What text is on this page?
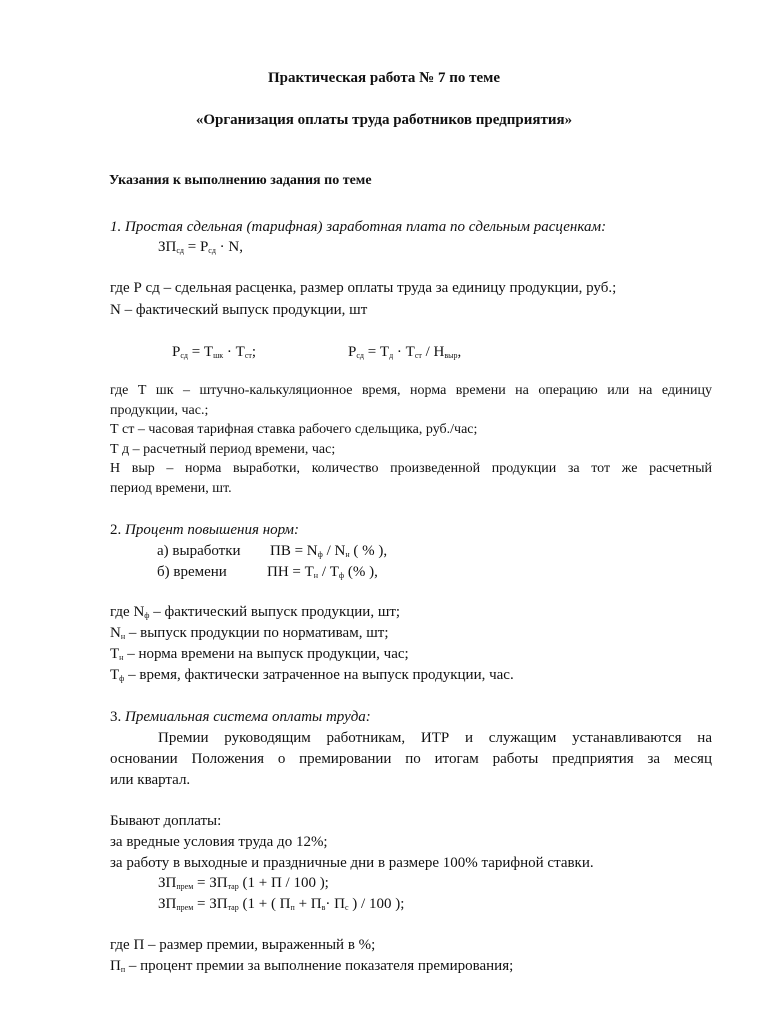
Практическая работа № 7 по теме
«Организация оплаты труда работников предприятия»
Указания к выполнению задания по теме
1. Простая сдельная (тарифная) заработная плата по сдельным расценкам:
$ЗП_{сд} = Р_{сд} \cdot N$,
где Р сд – сдельная расценка, размер оплаты труда за единицу продукции, руб.;
N – фактический выпуск продукции, шт
$Р_{сд} = Т_{шк} \cdot Т_{ст}$;	$Р_{сд} = Т_д \cdot Т_{ст} / Н_{выр}$,
где Т шк – штучно-калькуляционное время, норма времени на операцию или на единицу
продукции, час.;
Т ст – часовая тарифная ставка рабочего сдельщика, руб./час;
Т д – расчетный период времени, час;
Н выр – норма выработки, количество произведенной продукции за тот же расчетный
период времени, шт.
2. Процент повышения норм:
а) выработки ПВ = $N_ф / N_н$ ( % ),
б) времени	ПН = $Т_н / Т_ф$ (% ),
где $N_ф$ – фактический выпуск продукции, шт;
$N_н$ – выпуск продукции по нормативам, шт;
$Т_н$ – норма времени на выпуск продукции, час;
$Т_ф$ – время, фактически затраченное на выпуск продукции, час.
3. Премиальная система оплаты труда:
Премии руководящим работникам, ИТР и служащим устанавливаются на
основании Положения о премировании по итогам работы предприятия за месяц
или квартал.
Бывают доплаты:
за вредные условия труда до 12%;
за работу в выходные и праздничные дни в размере 100% тарифной ставки.
$ЗП_{прем} = ЗП_{тар}$ (1 + П / 100 );
$ЗП_{прем} = ЗП_{тар}$ (1 + ( $П_п + П_в\cdot П_с$ ) / 100 );
где П – размер премии, выраженный в %;
$П_п$ – процент премии за выполнение показателя премирования;
